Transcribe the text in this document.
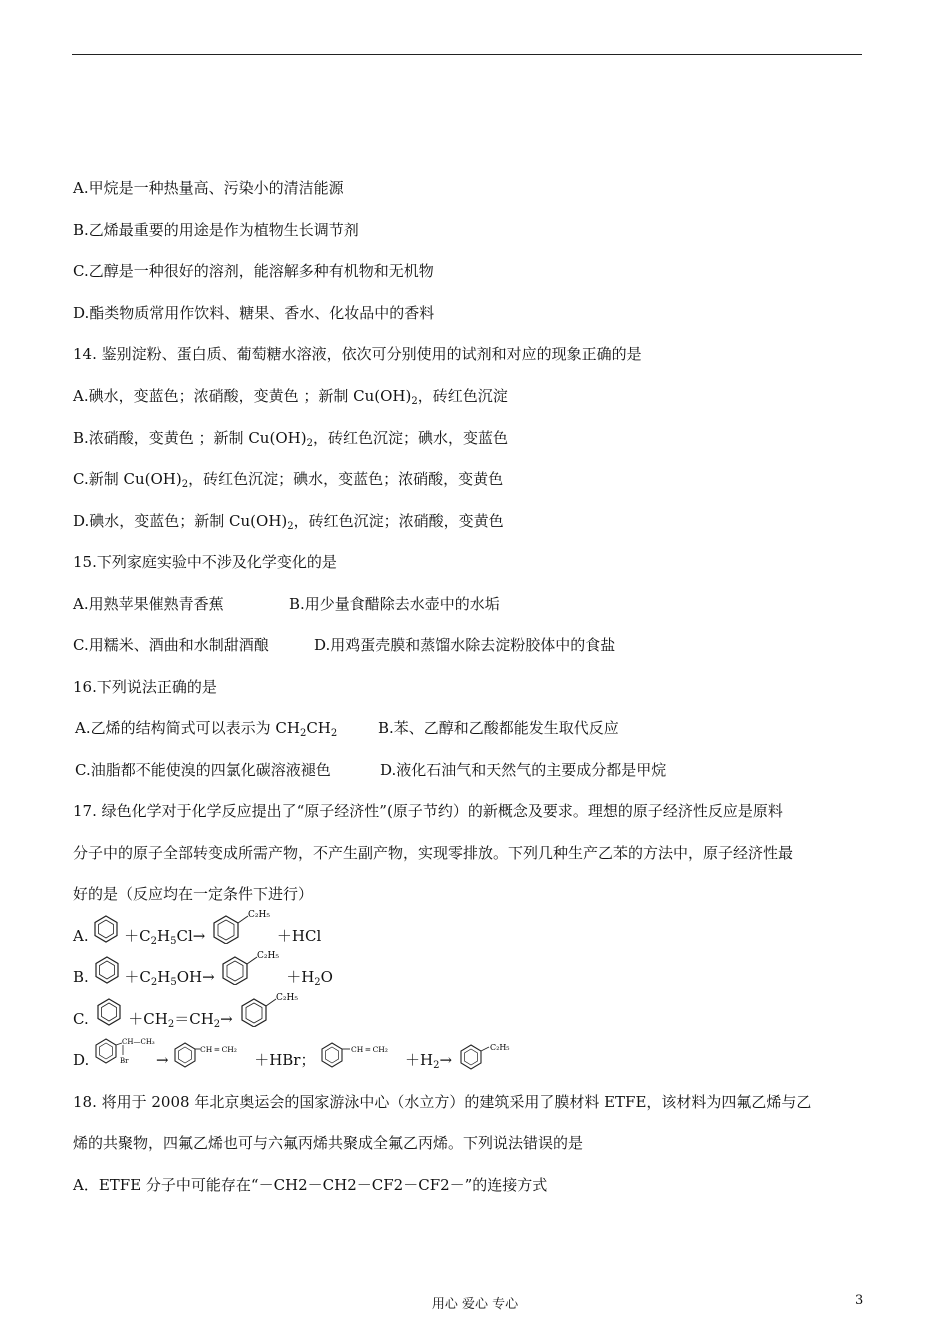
A.甲烷是一种热量高、污染小的清洁能源
B.乙烯最重要的用途是作为植物生长调节剂
C.乙醇是一种很好的溶剂，能溶解多种有机物和无机物
D.酯类物质常用作饮料、糖果、香水、化妆品中的香料
14. 鉴别淀粉、蛋白质、葡萄糖水溶液，依次可分别使用的试剂和对应的现象正确的是
A.碘水，变蓝色；浓硝酸，变黄色 ；新制 $Cu(OH)_2$，砖红色沉淀
B.浓硝酸，变黄色 ；新制 $Cu(OH)_2$，砖红色沉淀；碘水，变蓝色
C.新制 $Cu(OH)_2$，砖红色沉淀；碘水，变蓝色；浓硝酸，变黄色
D.碘水，变蓝色；新制 $Cu(OH)_2$，砖红色沉淀；浓硝酸，变黄色
15.下列家庭实验中不涉及化学变化的是
A.用熟苹果催熟青香蕉	B.用少量食醋除去水壶中的水垢
C.用糯米、酒曲和水制甜酒酿	D.用鸡蛋壳膜和蒸馏水除去淀粉胶体中的食盐
16.下列说法正确的是
A.乙烯的结构简式可以表示为 $CH_2CH_2$	B.苯、乙醇和乙酸都能发生取代反应
C.油脂都不能使溴的四氯化碳溶液褪色	D.液化石油气和天然气的主要成分都是甲烷
17. 绿色化学对于化学反应提出了“原子经济性”(原子节约）的新概念及要求。理想的原子经济性反应是原料
分子中的原子全部转变成所需产物，不产生副产物，实现零排放。下列几种生产乙苯的方法中，原子经济性最
好的是（反应均在一定条件下进行）
A. $+C_2H_5Cl\to$
C₂H₅
＋HCl
B. $+C_2H_5OH\to$
C₂H₅
$+H_2O$
C.	$+CH_2=CH_2\to$
C₂H₅
D.
CH—CH₃
Br →
CH ═ CH₂
＋HBr；
CH ═ CH₂
$+H_2\to$
C₂H₅
18. 将用于 2008 年北京奥运会的国家游泳中心（水立方）的建筑采用了膜材料 ETFE，该材料为四氟乙烯与乙
烯的共聚物，四氟乙烯也可与六氟丙烯共聚成全氟乙丙烯。下列说法错误的是
A．ETFE 分子中可能存在“－CH2－CH2－CF2－CF2－”的连接方式
用心 爱心 专心	3
